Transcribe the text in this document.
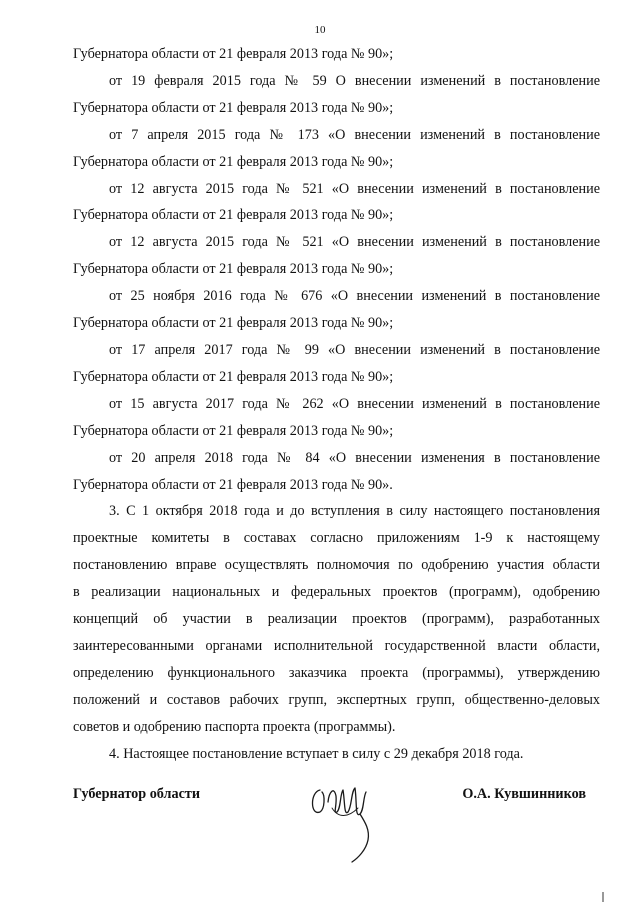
10

Губернатора области от 21 февраля 2013 года № 90»;

от 19 февраля 2015 года № 59 О внесении изменений в постановление
Губернатора области от 21 февраля 2013 года № 90»;

от 7 апреля 2015 года № 173 «О внесении изменений в постановление
Губернатора области от 21 февраля 2013 года № 90»;

от 12 августа 2015 года № 521 «О внесении изменений в постановление
Губернатора области от 21 февраля 2013 года № 90»;

от 12 августа 2015 года № 521 «О внесении изменений в постановление
Губернатора области от 21 февраля 2013 года № 90»;

от 25 ноября 2016 года № 676 «О внесении изменений в постановление
Губернатора области от 21 февраля 2013 года № 90»;

от 17 апреля 2017 года № 99 «О внесении изменений в постановление
Губернатора области от 21 февраля 2013 года № 90»;

от 15 августа 2017 года № 262 «О внесении изменений в постановление
Губернатора области от 21 февраля 2013 года № 90»;

от 20 апреля 2018 года № 84 «О внесении изменения в постановление
Губернатора области от 21 февраля 2013 года № 90».

3. С 1 октября 2018 года и до вступления в силу настоящего постановления
проектные комитеты в составах согласно приложениям 1-9 к настоящему
постановлению вправе осуществлять полномочия по одобрению участия области
в реализации национальных и федеральных проектов (программ), одобрению
концепций об участии в реализации проектов (программ), разработанных
заинтересованными органами исполнительной государственной власти области,
определению функционального заказчика проекта (программы), утверждению
положений и составов рабочих групп, экспертных групп, общественно-деловых
советов и одобрению паспорта проекта (программы).

4. Настоящее постановление вступает в силу с 29 декабря 2018 года.

Губернатор области	О.А. Кувшинников
